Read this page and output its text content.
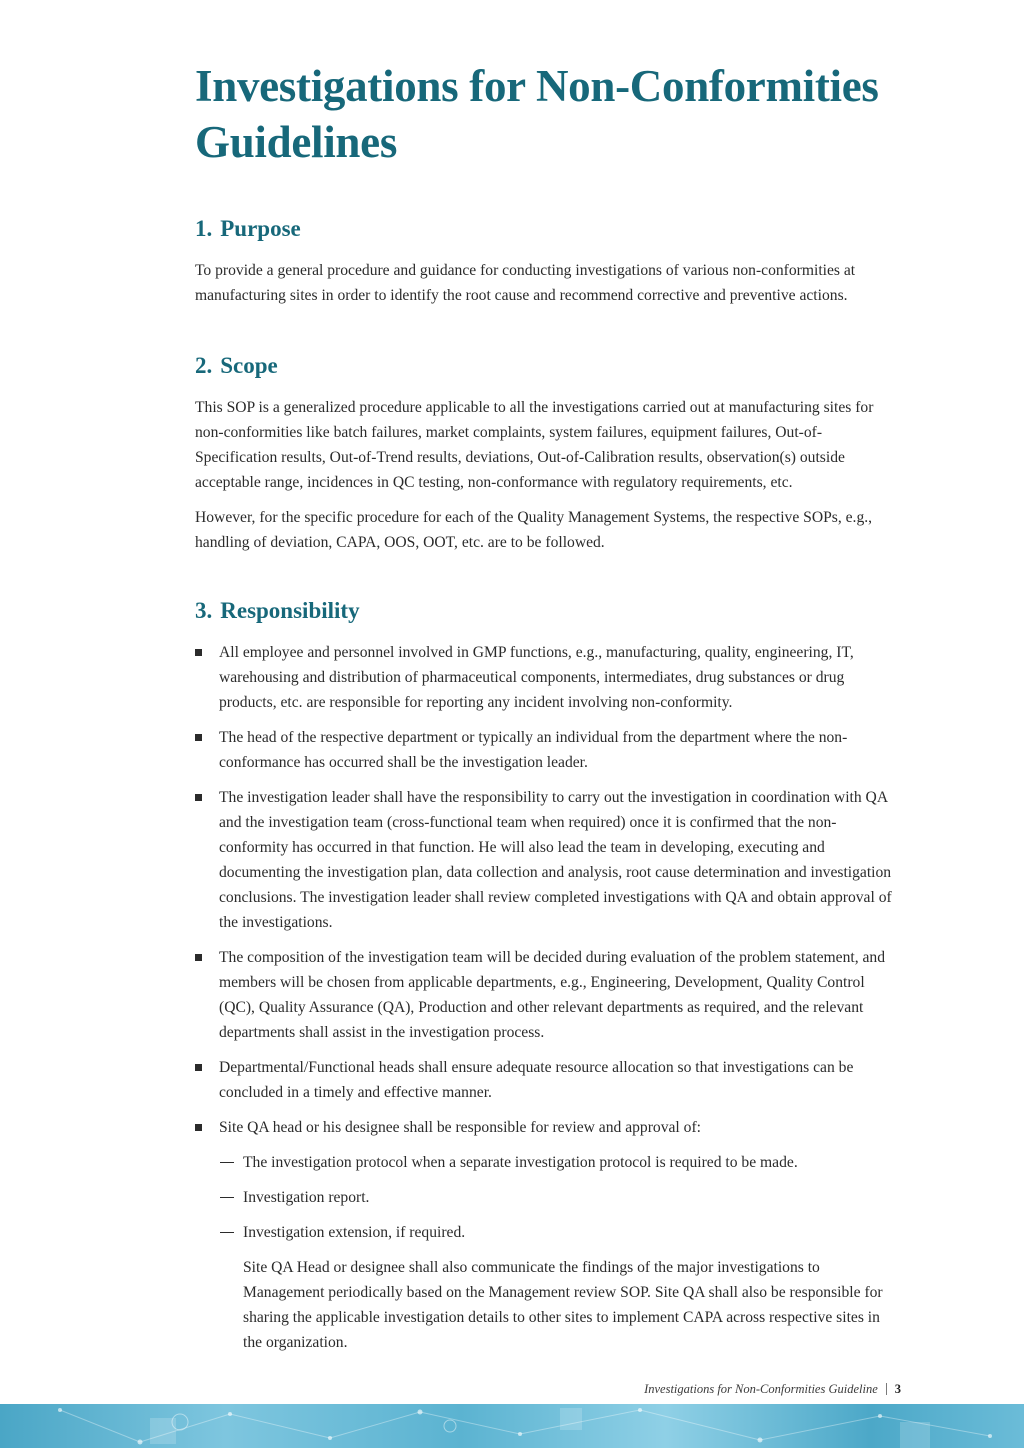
Investigations for Non-Conformities Guidelines
1. Purpose

To provide a general procedure and guidance for conducting investigations of various non-conformities at manufacturing sites in order to identify the root cause and recommend corrective and preventive actions.

2. Scope

This SOP is a generalized procedure applicable to all the investigations carried out at manufacturing sites for non-conformities like batch failures, market complaints, system failures, equipment failures, Out-of-Specification results, Out-of-Trend results, deviations, Out-of-Calibration results, observation(s) outside acceptable range, incidences in QC testing, non-conformance with regulatory requirements, etc.

However, for the specific procedure for each of the Quality Management Systems, the respective SOPs, e.g., handling of deviation, CAPA, OOS, OOT, etc. are to be followed.

3. Responsibility
All employee and personnel involved in GMP functions, e.g., manufacturing, quality, engineering, IT, warehousing and distribution of pharmaceutical components, intermediates, drug substances or drug products, etc. are responsible for reporting any incident involving non-conformity.
The head of the respective department or typically an individual from the department where the non-conformance has occurred shall be the investigation leader.
The investigation leader shall have the responsibility to carry out the investigation in coordination with QA and the investigation team (cross-functional team when required) once it is confirmed that the non-conformity has occurred in that function. He will also lead the team in developing, executing and documenting the investigation plan, data collection and analysis, root cause determination and investigation conclusions. The investigation leader shall review completed investigations with QA and obtain approval of the investigations.
The composition of the investigation team will be decided during evaluation of the problem statement, and members will be chosen from applicable departments, e.g., Engineering, Development, Quality Control (QC), Quality Assurance (QA), Production and other relevant departments as required, and the relevant departments shall assist in the investigation process.
Departmental/Functional heads shall ensure adequate resource allocation so that investigations can be concluded in a timely and effective manner.
Site QA head or his designee shall be responsible for review and approval of:
The investigation protocol when a separate investigation protocol is required to be made.
Investigation report.
Investigation extension, if required.

Site QA Head or designee shall also communicate the findings of the major investigations to Management periodically based on the Management review SOP. Site QA shall also be responsible for sharing the applicable investigation details to other sites to implement CAPA across respective sites in the organization.

Investigations for Non-Conformities Guideline 3
